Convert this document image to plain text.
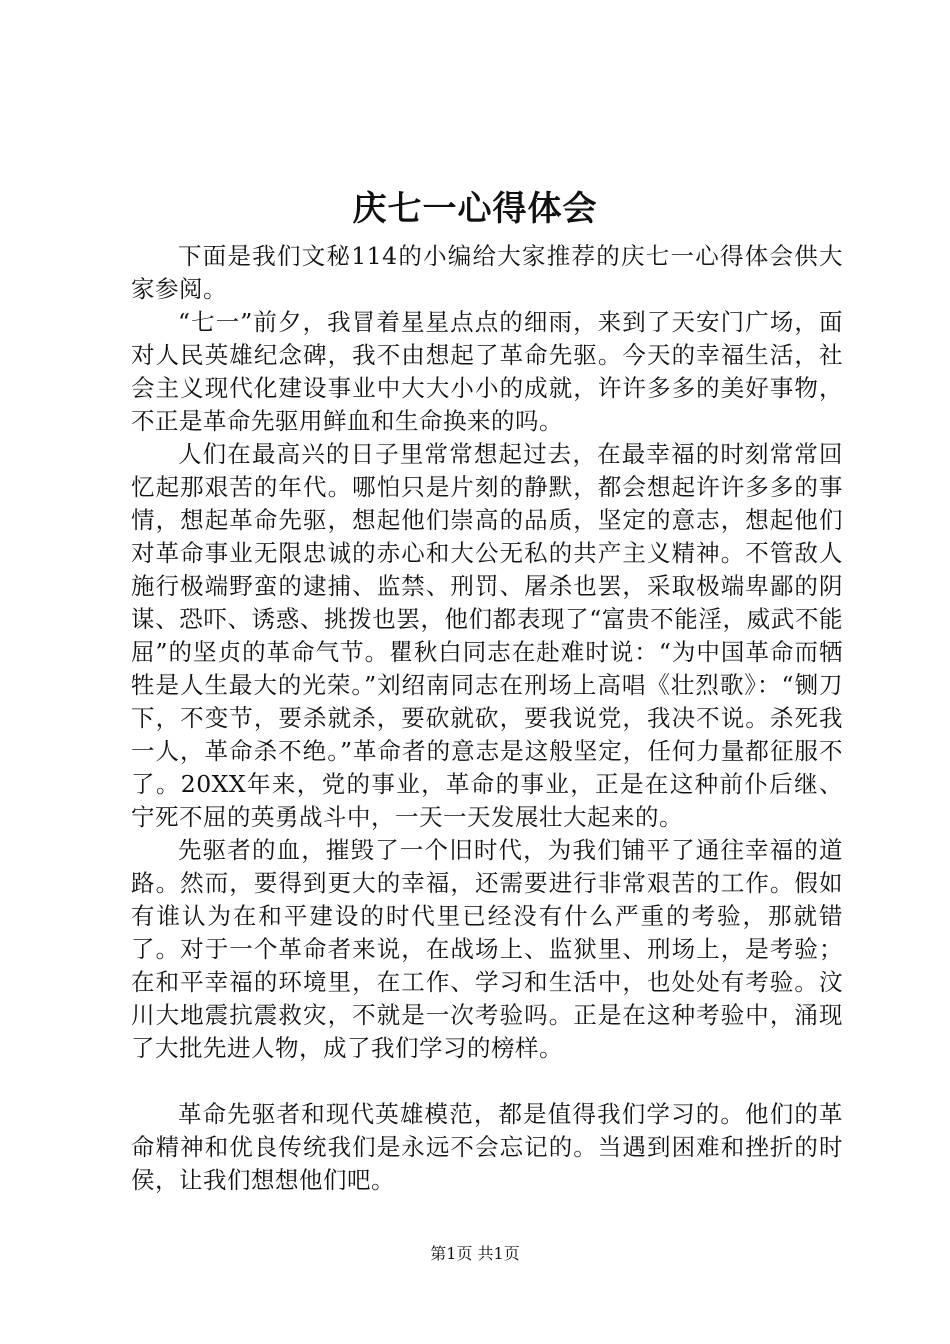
庆七一心得体会

下面是我们文秘114的小编给大家推荐的庆七一心得体会供大家参阅。

“七一”前夕，我冒着星星点点的细雨，来到了天安门广场，面对人民英雄纪念碑，我不由想起了革命先驱。今天的幸福生活，社会主义现代化建设事业中大大小小的成就，许许多多的美好事物，不正是革命先驱用鲜血和生命换来的吗。

人们在最高兴的日子里常常想起过去，在最幸福的时刻常常回忆起那艰苦的年代。哪怕只是片刻的静默，都会想起许许多多的事情，想起革命先驱，想起他们崇高的品质，坚定的意志，想起他们对革命事业无限忠诚的赤心和大公无私的共产主义精神。不管敌人施行极端野蛮的逮捕、监禁、刑罚、屠杀也罢，采取极端卑鄙的阴谋、恐吓、诱惑、挑拨也罢，他们都表现了“富贵不能淫，威武不能屈”的坚贞的革命气节。瞿秋白同志在赴难时说：“为中国革命而牺牲是人生最大的光荣。”刘绍南同志在刑场上高唱《壮烈歌》：“铡刀下，不变节，要杀就杀，要砍就砍，要我说党，我决不说。杀死我一人，革命杀不绝。”革命者的意志是这般坚定，任何力量都征服不了。20XX年来，党的事业，革命的事业，正是在这种前仆后继、宁死不屈的英勇战斗中，一天一天发展壮大起来的。

先驱者的血，摧毁了一个旧时代，为我们铺平了通往幸福的道路。然而，要得到更大的幸福，还需要进行非常艰苦的工作。假如有谁认为在和平建设的时代里已经没有什么严重的考验，那就错了。对于一个革命者来说，在战场上、监狱里、刑场上，是考验；在和平幸福的环境里，在工作、学习和生活中，也处处有考验。汶川大地震抗震救灾，不就是一次考验吗。正是在这种考验中，涌现了大批先进人物，成了我们学习的榜样。

革命先驱者和现代英雄模范，都是值得我们学习的。他们的革命精神和优良传统我们是永远不会忘记的。当遇到困难和挫折的时侯，让我们想想他们吧。

第1页 共1页
